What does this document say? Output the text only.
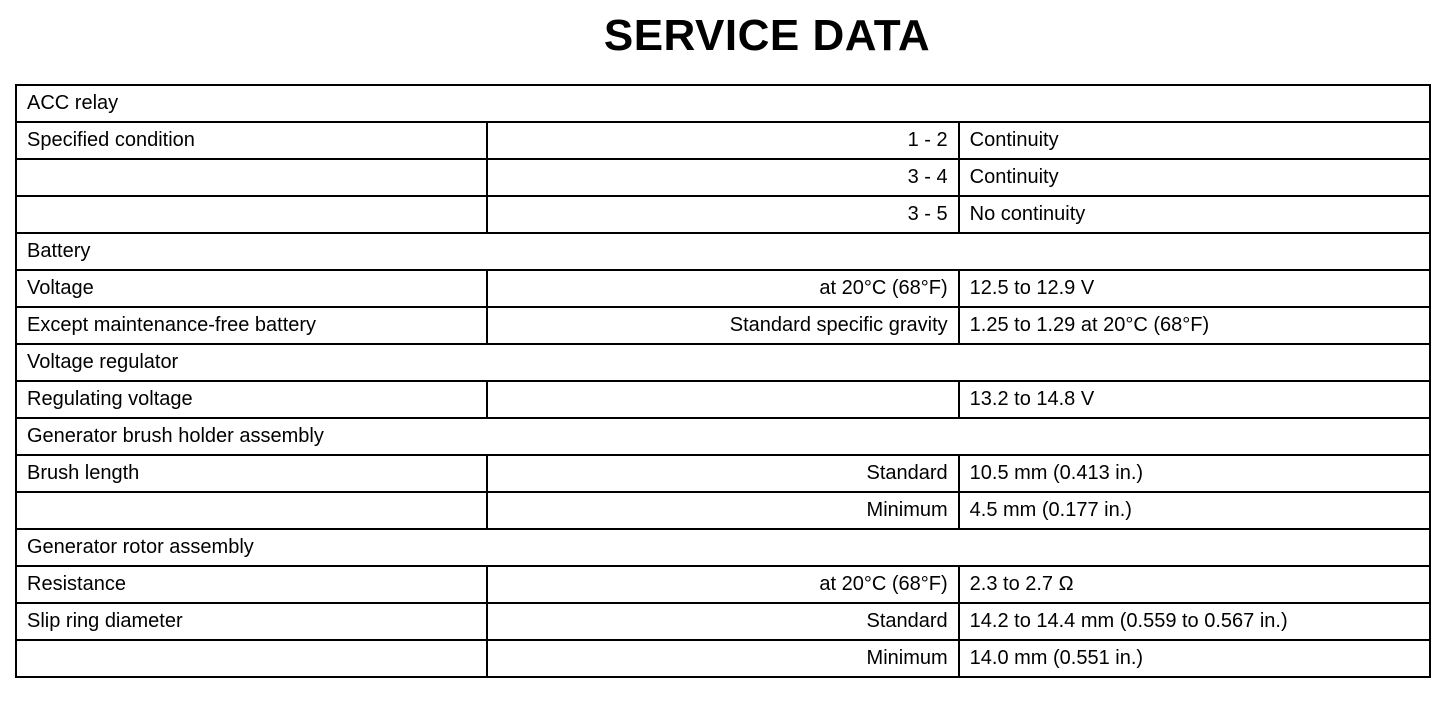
SERVICE DATA
ACC relay		
Specified condition	1 - 2	Continuity
	3 - 4	Continuity
	3 - 5	No continuity
Battery		
Voltage	at 20°C (68°F)	12.5 to 12.9 V
Except maintenance-free battery	Standard specific gravity	1.25 to 1.29 at 20°C (68°F)
Voltage regulator		
Regulating voltage		13.2 to 14.8 V
Generator brush holder assembly		
Brush length	Standard	10.5 mm (0.413 in.)
	Minimum	4.5 mm (0.177 in.)
Generator rotor assembly		
Resistance	at 20°C (68°F)	2.3 to 2.7 Ω
Slip ring diameter	Standard	14.2 to 14.4 mm (0.559 to 0.567 in.)
	Minimum	14.0 mm (0.551 in.)
